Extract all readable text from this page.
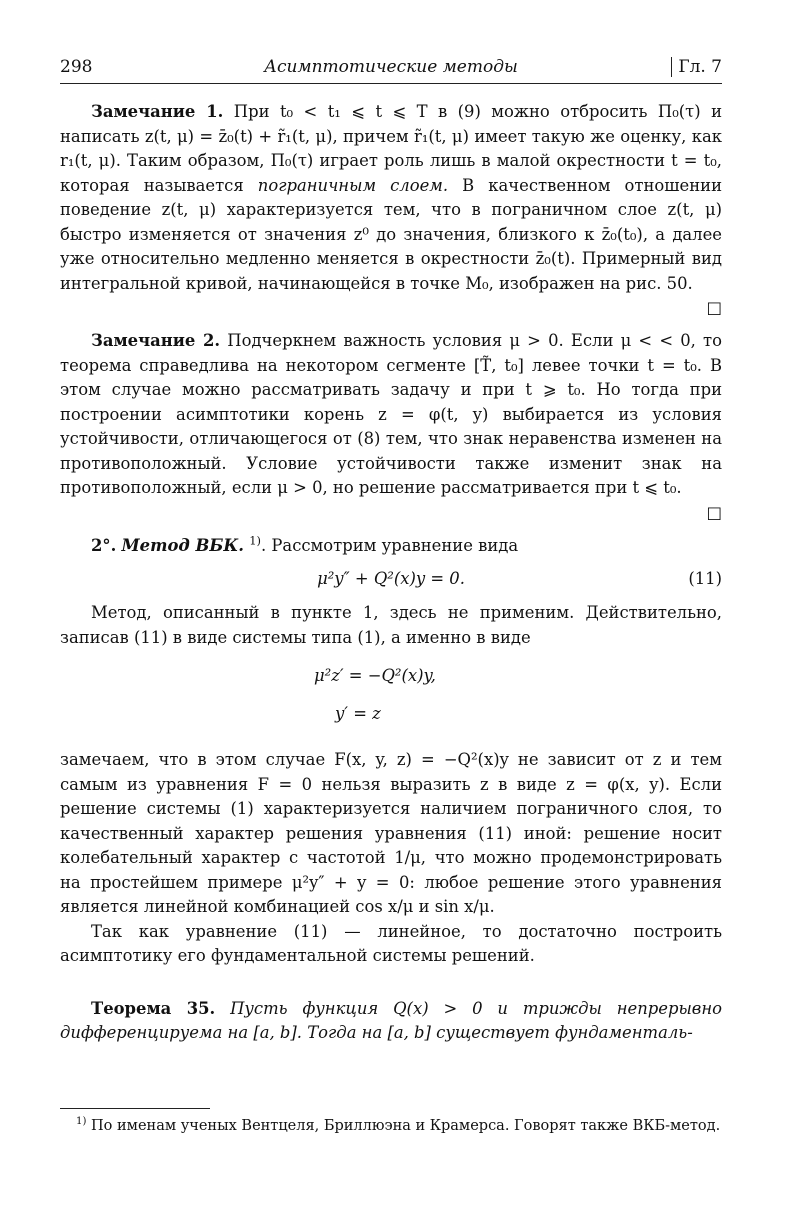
298	Асимптотические методы	Гл. 7

Замечание 1. При t₀ < t₁ ⩽ t ⩽ T в (9) можно отбросить Π₀(τ) и написать z(t, μ) = z̄₀(t) + r̃₁(t, μ), причем r̃₁(t, μ) имеет такую же оценку, как r₁(t, μ). Таким образом, Π₀(τ) играет роль лишь в малой окрестности t = t₀, которая называется пограничным слоем. В качественном отношении поведение z(t, μ) характеризуется тем, что в пограничном слое z(t, μ) быстро изменяется от значения z⁰ до значения, близкого к z̄₀(t₀), а далее уже относительно медленно меняется в окрестности z̄₀(t). Примерный вид интегральной кривой, начинающейся в точке M₀, изображен на рис. 50.
□

Замечание 2. Подчеркнем важность условия μ > 0. Если μ < < 0, то теорема справедлива на некотором сегменте [T̃, t₀] левее точки t = t₀. В этом случае можно рассматривать задачу и при t ⩾ t₀. Но тогда при построении асимптотики корень z = φ(t, y) выбирается из условия устойчивости, отличающегося от (8) тем, что знак неравенства изменен на противоположный. Условие устойчивости также изменит знак на противоположный, если μ > 0, но решение рассматривается при t ⩽ t₀.
□

2°. Метод ВБК. $^{1)}$. Рассмотрим уравнение вида

μ²y″ + Q²(x)y = 0.	(11)

Метод, описанный в пункте 1, здесь не применим. Действительно, записав (11) в виде системы типа (1), а именно в виде

μ²z′ = −Q²(x)y,
y′ = z

замечаем, что в этом случае F(x, y, z) = −Q²(x)y не зависит от z и тем самым из уравнения F = 0 нельзя выразить z в виде z = φ(x, y). Если решение системы (1) характеризуется наличием пограничного слоя, то качественный характер решения уравнения (11) иной: решение носит колебательный характер с частотой 1/μ, что можно продемонстрировать на простейшем примере μ²y″ + y = 0: любое решение этого уравнения является линейной комбинацией cos x/μ и sin x/μ.

Так как уравнение (11) — линейное, то достаточно построить асимптотику его фундаментальной системы решений.

Теорема 35. Пусть функция Q(x) > 0 и трижды непрерывно дифференцируема на [a, b]. Тогда на [a, b] существует фундаменталь-

$^{1)}$ По именам ученых Вентцеля, Бриллюэна и Крамерса. Говорят также ВКБ-метод.
